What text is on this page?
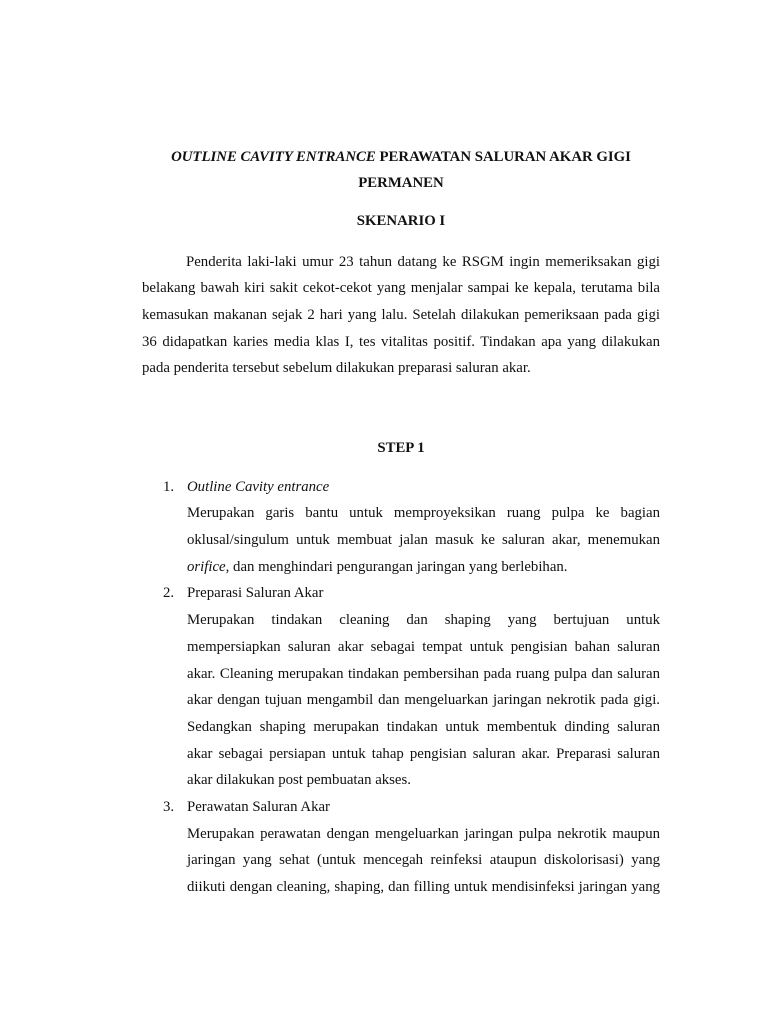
OUTLINE CAVITY ENTRANCE PERAWATAN SALURAN AKAR GIGI
PERMANEN
SKENARIO I
Penderita laki-laki umur 23 tahun datang ke RSGM ingin memeriksakan gigi
belakang bawah kiri sakit cekot-cekot yang menjalar sampai ke kepala, terutama bila
kemasukan makanan sejak 2 hari yang lalu. Setelah dilakukan pemeriksaan pada gigi
36 didapatkan karies media klas I, tes vitalitas positif. Tindakan apa yang dilakukan
pada penderita tersebut sebelum dilakukan preparasi saluran akar.
STEP 1
1. Outline Cavity entrance
Merupakan garis bantu untuk memproyeksikan ruang pulpa ke bagian
oklusal/singulum untuk membuat jalan masuk ke saluran akar, menemukan
orifice, dan menghindari pengurangan jaringan yang berlebihan.
2. Preparasi Saluran Akar
Merupakan tindakan cleaning dan shaping yang bertujuan untuk
mempersiapkan saluran akar sebagai tempat untuk pengisian bahan saluran
akar. Cleaning merupakan tindakan pembersihan pada ruang pulpa dan saluran
akar dengan tujuan mengambil dan mengeluarkan jaringan nekrotik pada gigi.
Sedangkan shaping merupakan tindakan untuk membentuk dinding saluran
akar sebagai persiapan untuk tahap pengisian saluran akar. Preparasi saluran
akar dilakukan post pembuatan akses.
3. Perawatan Saluran Akar
Merupakan perawatan dengan mengeluarkan jaringan pulpa nekrotik maupun
jaringan yang sehat (untuk mencegah reinfeksi ataupun diskolorisasi) yang
diikuti dengan cleaning, shaping, dan filling untuk mendisinfeksi jaringan yang
